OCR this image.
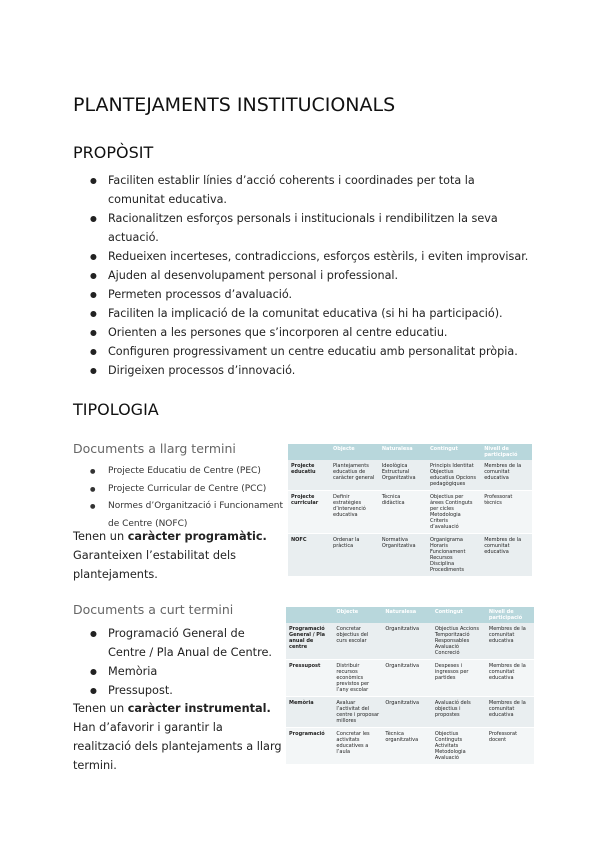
PLANTEJAMENTS INSTITUCIONALS
PROPÒSIT
● Faciliten establir línies d’acció coherents i coordinades per tota la comunitat educativa.
● Racionalitzen esforços personals i institucionals i rendibilitzen la seva actuació.
● Redueixen incerteses, contradiccions, esforços estèrils, i eviten improvisar.
● Ajuden al desenvolupament personal i professional.
● Permeten processos d’avaluació.
● Faciliten la implicació de la comunitat educativa (si hi ha participació).
● Orienten a les persones que s’incorporen al centre educatiu.
● Configuren progressivament un centre educatiu amb personalitat pròpia.
● Dirigeixen processos d’innovació.
TIPOLOGIA
Documents a llarg termini
● Projecte Educatiu de Centre (PEC)
● Projecte Curricular de Centre (PCC)
● Normes d’Organització i Funcionament de Centre (NOFC)
Tenen un caràcter programàtic.
Garanteixen l’estabilitat dels plantejaments.
	Objecte	Naturalesa	Contingut	Nivell de participació
Projecte educatiu	Plantejaments educatius de caràcter general	Ideològica Estructural Organitzativa	Principis Identitat Objectius educatius Opcions pedagògiques	Membres de la comunitat educativa
Projecte curricular	Definir estratègies d’intervenció educativa	Tècnica didàctica	Objectius per àrees Continguts per cicles Metodologia Criteris d’avaluació	Professorat tècnics
NOFC	Ordenar la pràctica	Normativa Organitzativa	Organigrama Horaris Funcionament Recursos Disciplina Procediments	Membres de la comunitat educativa
Documents a curt termini
● Programació General de Centre / Pla Anual de Centre.
● Memòria
● Pressupost.
Tenen un caràcter instrumental.
Han d’afavorir i garantir la realització dels plantejaments a llarg termini.
	Objecte	Naturalesa	Contingut	Nivell de participació
Programació General / Pla anual de centre	Concretar objectius del curs escolar	Organitzativa	Objectius Accions Temporització Responsables Avaluació Concreció	Membres de la comunitat educativa
Pressupost	Distribuir recursos econòmics previstos per l’any escolar	Organitzativa	Despeses i ingressos per partides	Membres de la comunitat educativa
Memòria	Avaluar l’activitat del centre i proposar millores	Organitzativa	Avaluació dels objectius i propostes	Membres de la comunitat educativa
Programació	Concretar les activitats educatives a l’aula	Tècnica organitzativa	Objectius Continguts Activitats Metodologia Avaluació	Professorat docent
